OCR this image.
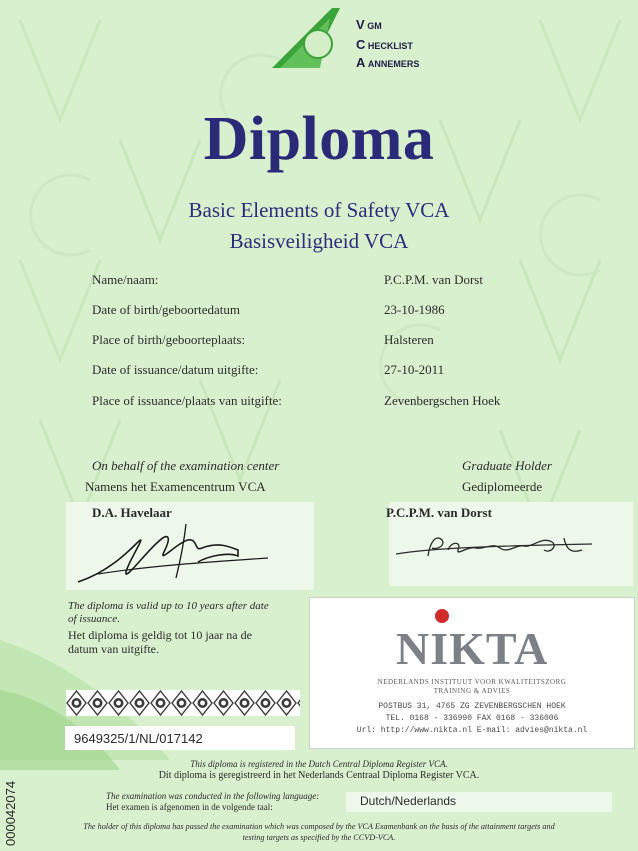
V GM
C HECKLIST
A ANNEMERS
Diploma
Basic Elements of Safety VCA
Basisveiligheid VCA
Name/naam:	P.C.P.M. van Dorst
Date of birth/geboortedatum	23-10-1986
Place of birth/geboorteplaats:	Halsteren
Date of issuance/datum uitgifte:	27-10-2011
Place of issuance/plaats van uitgifte:	Zevenbergschen Hoek
On behalf of the examination center
Namens het Examencentrum VCA
Graduate Holder
Gediplomeerde
D.A. Havelaar	P.C.P.M. van Dorst
The diploma is valid up to 10 years after date
of issuance.
Het diploma is geldig tot 10 jaar na de
datum van uitgifte.	NIKTA
NEDERLANDS INSTITUUT VOOR KWALITEITSZORG
TRAINING & ADVIES
POSTBUS 31, 4765 ZG ZEVENBERGSCHEN HOEK
TEL. 0168 - 336990 FAX 0168 - 336006
Url: http://www.nikta.nl E-mail: advies@nikta.nl
9649325/1/NL/017142
000042074
This diploma is registered in the Dutch Central Diploma Register VCA.
Dit diploma is geregistreerd in het Nederlands Centraal Diploma Register VCA.
The examination was conducted in the following language:
Het examen is afgenomen in de volgende taal:	Dutch/Nederlands
The holder of this diploma has passed the examination which was composed by the VCA Examenbank on the basis of the attainment targets and
testing targets as specified by the CCVD-VCA.
